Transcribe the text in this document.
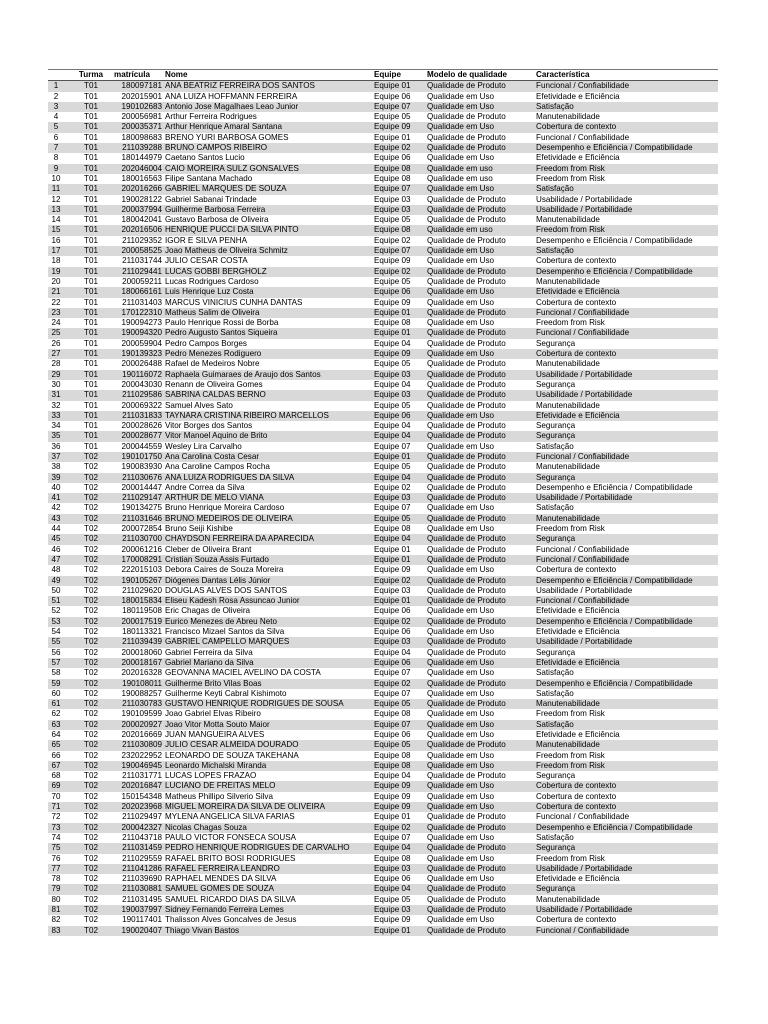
	Turma	matrícula	Nome	Equipe	Modelo de qualidade	Característica
1	T01	180097181	ANA BEATRIZ FERREIRA DOS SANTOS	Equipe 01	Qualidade de Produto	Funcional / Confiabilidade
2	T01	202015901	ANA LUIZA HOFFMANN FERREIRA	Equipe 06	Qualidade em Uso	Efetividade e Eficiência
3	T01	190102683	Antonio Jose Magalhaes Leao Junior	Equipe 07	Qualidade em Uso	Satisfação
4	T01	200056981	Arthur Ferreira Rodrigues	Equipe 05	Qualidade de Produto	Manutenabilidade
5	T01	200035371	Arthur Henrique Amaral Santana	Equipe 09	Qualidade em Uso	Cobertura de contexto
6	T01	180098683	BRENO YURI BARBOSA GOMES	Equipe 01	Qualidade de Produto	Funcional / Confiabilidade
7	T01	211039288	BRUNO CAMPOS RIBEIRO	Equipe 02	Qualidade de Produto	Desempenho e Eficiência / Compatibilidade
8	T01	180144979	Caetano Santos Lucio	Equipe 06	Qualidade em Uso	Efetividade e Eficiência
9	T01	202046004	CAIO MOREIRA SULZ GONSALVES	Equipe 08	Qualidade em uso	Freedom from Risk
10	T01	180016563	Filipe Santana Machado	Equipe 08	Qualidade em uso	Freedom from Risk
11	T01	202016266	GABRIEL MARQUES DE SOUZA	Equipe 07	Qualidade em Uso	Satisfação
12	T01	190028122	Gabriel Sabanai Trindade	Equipe 03	Qualidade de Produto	Usabilidade / Portabilidade
13	T01	200037994	Guilherme Barbosa Ferreira	Equipe 03	Qualidade de Produto	Usabilidade / Portabilidade
14	T01	180042041	Gustavo Barbosa de Oliveira	Equipe 05	Qualidade de Produto	Manutenabilidade
15	T01	202016506	HENRIQUE PUCCI DA SILVA PINTO	Equipe 08	Qualidade em uso	Freedom from Risk
16	T01	211029352	IGOR E SILVA PENHA	Equipe 02	Qualidade de Produto	Desempenho e Eficiência / Compatibilidade
17	T01	200058525	Joao Matheus de Oliveira Schmitz	Equipe 07	Qualidade em Uso	Satisfação
18	T01	211031744	JULIO CESAR COSTA	Equipe 09	Qualidade em Uso	Cobertura de contexto
19	T01	211029441	LUCAS GOBBI BERGHOLZ	Equipe 02	Qualidade de Produto	Desempenho e Eficiência / Compatibilidade
20	T01	200059211	Lucas Rodrigues Cardoso	Equipe 05	Qualidade de Produto	Manutenabilidade
21	T01	180066161	Luis Henrique Luz Costa	Equipe 06	Qualidade em Uso	Efetividade e Eficiência
22	T01	211031403	MARCUS VINICIUS CUNHA DANTAS	Equipe 09	Qualidade em Uso	Cobertura de contexto
23	T01	170122310	Matheus Salim de Oliveira	Equipe 01	Qualidade de Produto	Funcional / Confiabilidade
24	T01	190094273	Paulo Henrique Rossi de Borba	Equipe 08	Qualidade em Uso	Freedom from Risk
25	T01	190094320	Pedro Augusto Santos Siqueira	Equipe 01	Qualidade de Produto	Funcional / Confiabilidade
26	T01	200059904	Pedro Campos Borges	Equipe 04	Qualidade de Produto	Segurança
27	T01	190139323	Pedro Menezes Rodiguero	Equipe 09	Qualidade em Uso	Cobertura de contexto
28	T01	200026488	Rafael de Medeiros Nobre	Equipe 05	Qualidade de Produto	Manutenabilidade
29	T01	190116072	Raphaela Guimaraes de Araujo dos Santos	Equipe 03	Qualidade de Produto	Usabilidade / Portabilidade
30	T01	200043030	Renann de Oliveira Gomes	Equipe 04	Qualidade de Produto	Segurança
31	T01	211029586	SABRINA CALDAS BERNO	Equipe 03	Qualidade de Produto	Usabilidade / Portabilidade
32	T01	200069322	Samuel Alves Sato	Equipe 05	Qualidade de Produto	Manutenabilidade
33	T01	211031833	TAYNARA CRISTINA RIBEIRO MARCELLOS	Equipe 06	Qualidade em Uso	Efetividade e Eficiência
34	T01	200028626	Vitor Borges dos Santos	Equipe 04	Qualidade de Produto	Segurança
35	T01	200028677	Vitor Manoel Aquino de Brito	Equipe 04	Qualidade de Produto	Segurança
36	T01	200044559	Wesley Lira Carvalho	Equipe 07	Qualidade em Uso	Satisfação
37	T02	190101750	Ana Carolina Costa Cesar	Equipe 01	Qualidade de Produto	Funcional / Confiabilidade
38	T02	190083930	Ana Caroline Campos Rocha	Equipe 05	Qualidade de Produto	Manutenabilidade
39	T02	211030676	ANA LUIZA RODRIGUES DA SILVA	Equipe 04	Qualidade de Produto	Segurança
40	T02	200014447	Andre Correa da Silva	Equipe 02	Qualidade de Produto	Desempenho e Eficiência / Compatibilidade
41	T02	211029147	ARTHUR DE MELO VIANA	Equipe 03	Qualidade de Produto	Usabilidade / Portabilidade
42	T02	190134275	Bruno Henrique Moreira Cardoso	Equipe 07	Qualidade em Uso	Satisfação
43	T02	211031646	BRUNO MEDEIROS DE OLIVEIRA	Equipe 05	Qualidade de Produto	Manutenabilidade
44	T02	200072854	Bruno Seiji Kishibe	Equipe 08	Qualidade em Uso	Freedom from Risk
45	T02	211030700	CHAYDSON FERREIRA DA APARECIDA	Equipe 04	Qualidade de Produto	Segurança
46	T02	200061216	Cleber de Oliveira Brant	Equipe 01	Qualidade de Produto	Funcional / Confiabilidade
47	T02	170008291	Cristian Souza Assis Furtado	Equipe 01	Qualidade de Produto	Funcional / Confiabilidade
48	T02	222015103	Debora Caires de Souza Moreira	Equipe 09	Qualidade em Uso	Cobertura de contexto
49	T02	190105267	Diógenes Dantas Lélis Júnior	Equipe 02	Qualidade de Produto	Desempenho e Eficiência / Compatibilidade
50	T02	211029620	DOUGLAS ALVES DOS SANTOS	Equipe 03	Qualidade de Produto	Usabilidade / Portabilidade
51	T02	180015834	Eliseu Kadesh Rosa Assuncao Junior	Equipe 01	Qualidade de Produto	Funcional / Confiabilidade
52	T02	180119508	Eric Chagas de Oliveira	Equipe 06	Qualidade em Uso	Efetividade e Eficiência
53	T02	200017519	Eurico Menezes de Abreu Neto	Equipe 02	Qualidade de Produto	Desempenho e Eficiência / Compatibilidade
54	T02	180113321	Francisco Mizael Santos da Silva	Equipe 06	Qualidade em Uso	Efetividade e Eficiência
55	T02	211039439	GABRIEL CAMPELLO MARQUES	Equipe 03	Qualidade de Produto	Usabilidade / Portabilidade
56	T02	200018060	Gabriel Ferreira da Silva	Equipe 04	Qualidade de Produto	Segurança
57	T02	200018167	Gabriel Mariano da Silva	Equipe 06	Qualidade em Uso	Efetividade e Eficiência
58	T02	202016328	GEOVANNA MACIEL AVELINO DA COSTA	Equipe 07	Qualidade em Uso	Satisfação
59	T02	190108011	Guilherme Brito Vilas Boas	Equipe 02	Qualidade de Produto	Desempenho e Eficiência / Compatibilidade
60	T02	190088257	Guilherme Keyti Cabral Kishimoto	Equipe 07	Qualidade em Uso	Satisfação
61	T02	211030783	GUSTAVO HENRIQUE RODRIGUES DE SOUSA	Equipe 05	Qualidade de Produto	Manutenabilidade
62	T02	190109599	Joao Gabriel Elvas Ribeiro	Equipe 08	Qualidade em Uso	Freedom from Risk
63	T02	200020927	Joao Vitor Motta Souto Maior	Equipe 07	Qualidade em Uso	Satisfação
64	T02	202016669	JUAN MANGUEIRA ALVES	Equipe 06	Qualidade em Uso	Efetividade e Eficiência
65	T02	211030809	JULIO CESAR ALMEIDA DOURADO	Equipe 05	Qualidade de Produto	Manutenabilidade
66	T02	232022952	LEONARDO DE SOUZA TAKEHANA	Equipe 08	Qualidade em Uso	Freedom from Risk
67	T02	190046945	Leonardo Michalski Miranda	Equipe 08	Qualidade em Uso	Freedom from Risk
68	T02	211031771	LUCAS LOPES FRAZAO	Equipe 04	Qualidade de Produto	Segurança
69	T02	202016847	LUCIANO DE FREITAS MELO	Equipe 09	Qualidade em Uso	Cobertura de contexto
70	T02	150154348	Matheus Phillipo Silverio Silva	Equipe 09	Qualidade em Uso	Cobertura de contexto
71	T02	202023968	MIGUEL MOREIRA DA SILVA DE OLIVEIRA	Equipe 09	Qualidade em Uso	Cobertura de contexto
72	T02	211029497	MYLENA ANGELICA SILVA FARIAS	Equipe 01	Qualidade de Produto	Funcional / Confiabilidade
73	T02	200042327	Nicolas Chagas Souza	Equipe 02	Qualidade de Produto	Desempenho e Eficiência / Compatibilidade
74	T02	211043718	PAULO VICTOR FONSECA SOUSA	Equipe 07	Qualidade em Uso	Satisfação
75	T02	211031459	PEDRO HENRIQUE RODRIGUES DE CARVALHO	Equipe 04	Qualidade de Produto	Segurança
76	T02	211029559	RAFAEL BRITO BOSI RODRIGUES	Equipe 08	Qualidade em Uso	Freedom from Risk
77	T02	211041286	RAFAEL FERREIRA LEANDRO	Equipe 03	Qualidade de Produto	Usabilidade / Portabilidade
78	T02	211039690	RAPHAEL MENDES DA SILVA	Equipe 06	Qualidade em Uso	Efetividade e Eficiência
79	T02	211030881	SAMUEL GOMES DE SOUZA	Equipe 04	Qualidade de Produto	Segurança
80	T02	211031495	SAMUEL RICARDO DIAS DA SILVA	Equipe 05	Qualidade de Produto	Manutenabilidade
81	T02	190037997	Sidney Fernando Ferreira Lemes	Equipe 03	Qualidade de Produto	Usabilidade / Portabilidade
82	T02	190117401	Thalisson Alves Goncalves de Jesus	Equipe 09	Qualidade em Uso	Cobertura de contexto
83	T02	190020407	Thiago Vivan Bastos	Equipe 01	Qualidade de Produto	Funcional / Confiabilidade
